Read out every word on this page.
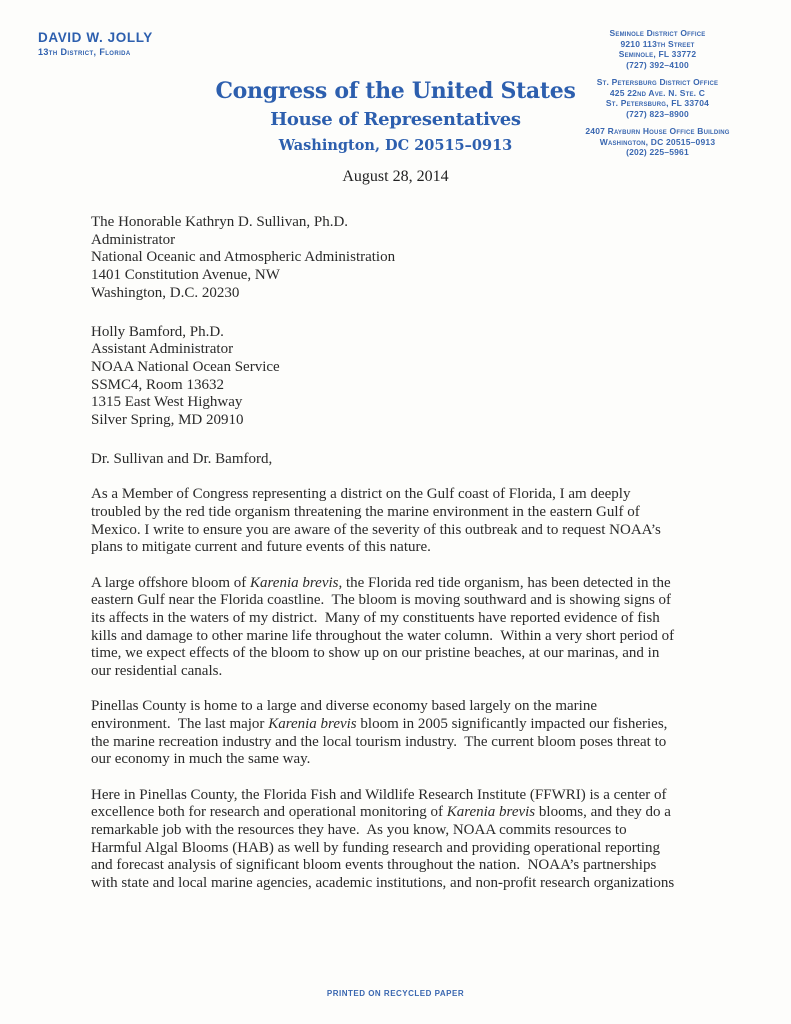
DAVID W. JOLLY
13th District, Florida
Congress of the United States
House of Representatives
Washington, DC 20515–0913
August 28, 2014
Seminole District Office
9210 113th Street
Seminole, FL 33772
(727) 392–4100
St. Petersburg District Office
425 22nd Ave. N. Ste. C
St. Petersburg, FL 33704
(727) 823–8900
2407 Rayburn House Office Building
Washington, DC 20515–0913
(202) 225–5961
The Honorable Kathryn D. Sullivan, Ph.D.
Administrator
National Oceanic and Atmospheric Administration
1401 Constitution Avenue, NW
Washington, D.C. 20230
Holly Bamford, Ph.D.
Assistant Administrator
NOAA National Ocean Service
SSMC4, Room 13632
1315 East West Highway
Silver Spring, MD 20910
Dr. Sullivan and Dr. Bamford,
As a Member of Congress representing a district on the Gulf coast of Florida, I am deeply
troubled by the red tide organism threatening the marine environment in the eastern Gulf of
Mexico. I write to ensure you are aware of the severity of this outbreak and to request NOAA’s
plans to mitigate current and future events of this nature.
A large offshore bloom of Karenia brevis, the Florida red tide organism, has been detected in the
eastern Gulf near the Florida coastline.  The bloom is moving southward and is showing signs of
its affects in the waters of my district.  Many of my constituents have reported evidence of fish
kills and damage to other marine life throughout the water column.  Within a very short period of
time, we expect effects of the bloom to show up on our pristine beaches, at our marinas, and in
our residential canals.
Pinellas County is home to a large and diverse economy based largely on the marine
environment.  The last major Karenia brevis bloom in 2005 significantly impacted our fisheries,
the marine recreation industry and the local tourism industry.  The current bloom poses threat to
our economy in much the same way.
Here in Pinellas County, the Florida Fish and Wildlife Research Institute (FFWRI) is a center of
excellence both for research and operational monitoring of Karenia brevis blooms, and they do a
remarkable job with the resources they have.  As you know, NOAA commits resources to
Harmful Algal Blooms (HAB) as well by funding research and providing operational reporting
and forecast analysis of significant bloom events throughout the nation.  NOAA’s partnerships
with state and local marine agencies, academic institutions, and non-profit research organizations
PRINTED ON RECYCLED PAPER
